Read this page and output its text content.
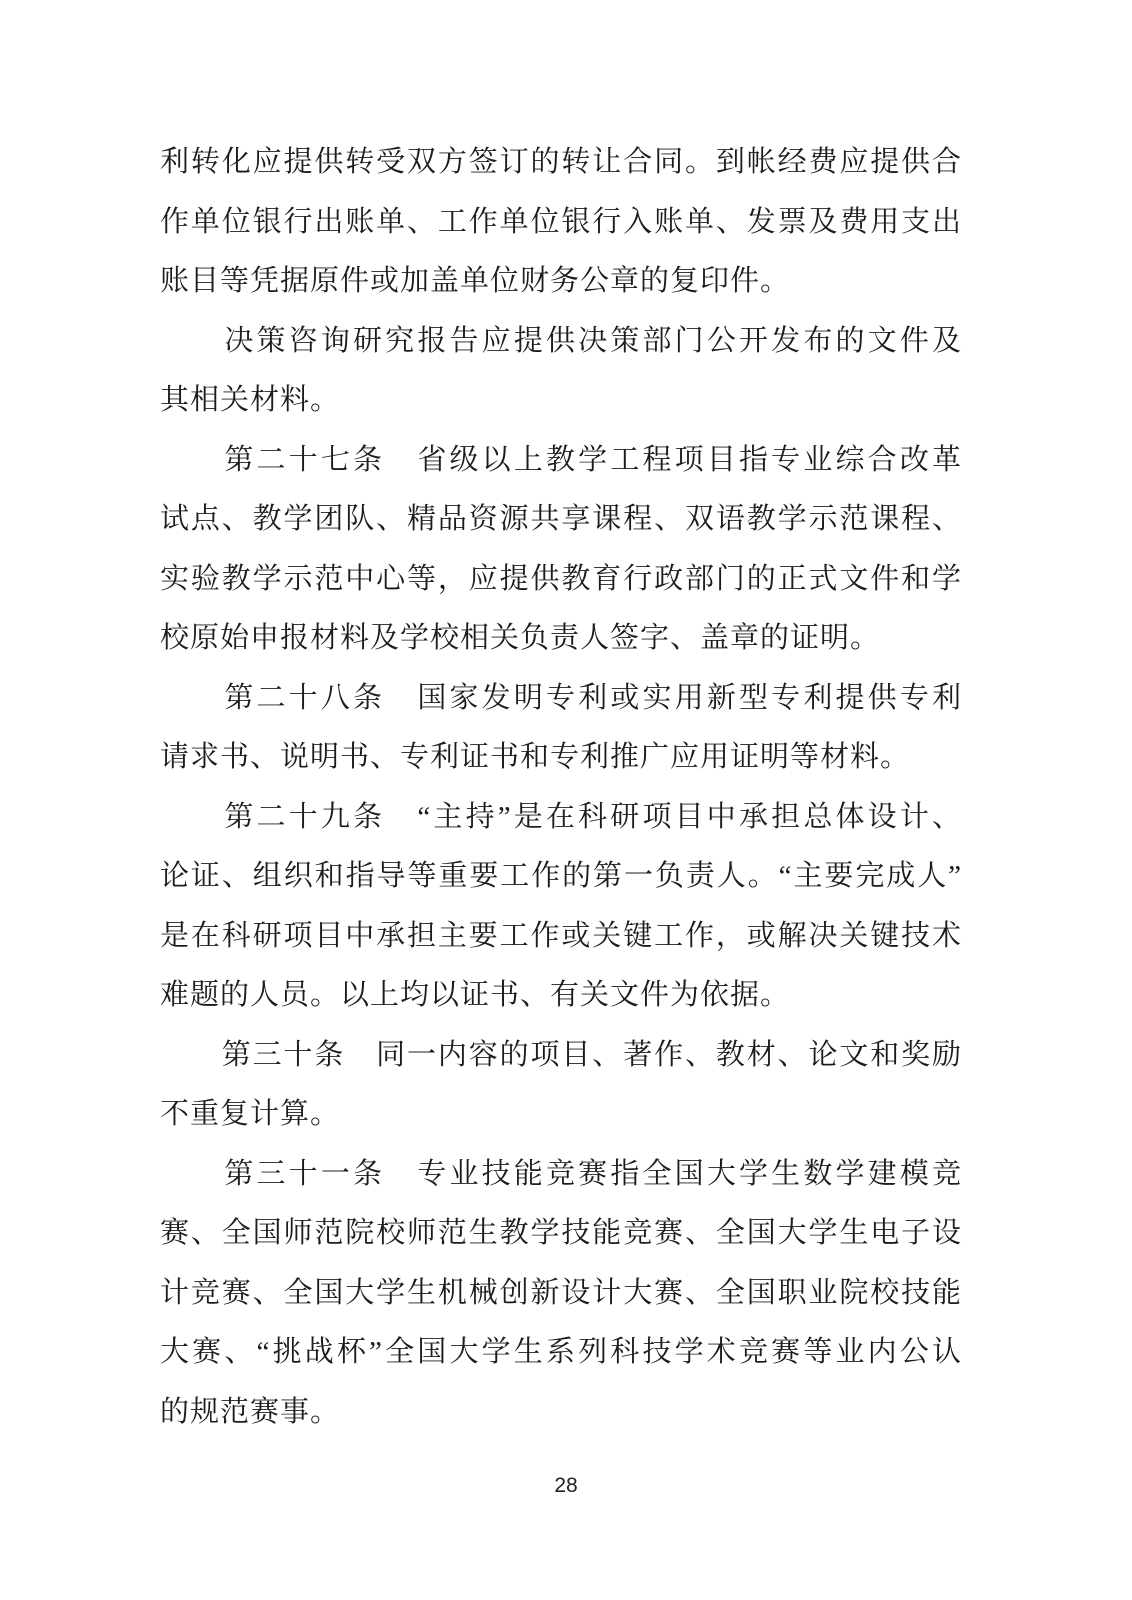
利转化应提供转受双方签订的转让合同。到帐经费应提供合
作单位银行出账单、工作单位银行入账单、发票及费用支出
账目等凭据原件或加盖单位财务公章的复印件。
　　决策咨询研究报告应提供决策部门公开发布的文件及
其相关材料。
　　第二十七条　省级以上教学工程项目指专业综合改革
试点、教学团队、精品资源共享课程、双语教学示范课程、
实验教学示范中心等，应提供教育行政部门的正式文件和学
校原始申报材料及学校相关负责人签字、盖章的证明。
　　第二十八条　国家发明专利或实用新型专利提供专利
请求书、说明书、专利证书和专利推广应用证明等材料。
　　第二十九条　“主持”是在科研项目中承担总体设计、
论证、组织和指导等重要工作的第一负责人。“主要完成人”
是在科研项目中承担主要工作或关键工作，或解决关键技术
难题的人员。以上均以证书、有关文件为依据。
　　第三十条　同一内容的项目、著作、教材、论文和奖励
不重复计算。
　　第三十一条　专业技能竞赛指全国大学生数学建模竞
赛、全国师范院校师范生教学技能竞赛、全国大学生电子设
计竞赛、全国大学生机械创新设计大赛、全国职业院校技能
大赛、“挑战杯”全国大学生系列科技学术竞赛等业内公认
的规范赛事。
28
